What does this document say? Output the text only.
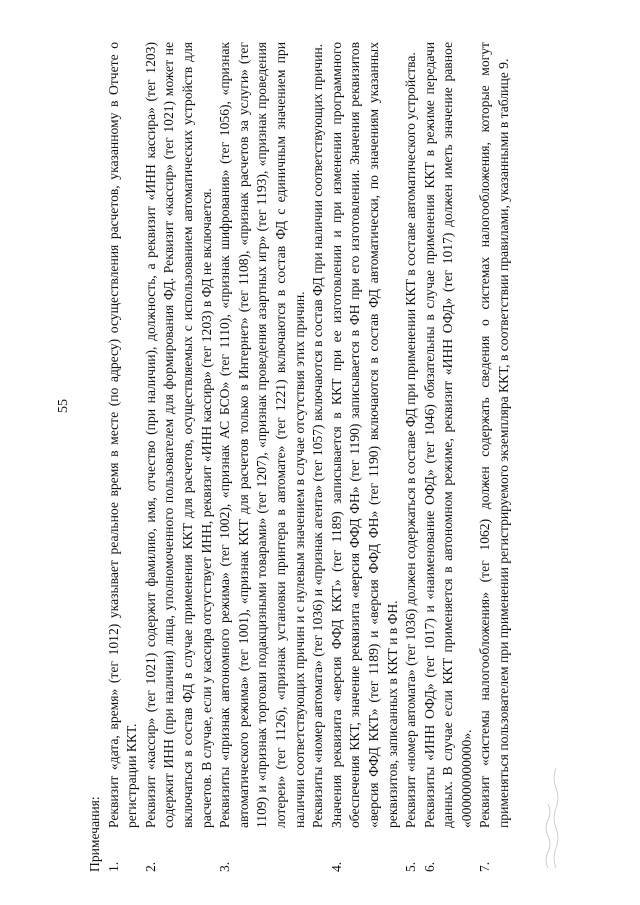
55

Примечания: 1.

Реквизит «дата, время» (тег 1012) указывает реальное время в месте (по адресу) осуществления расчетов, указанному в Отчете о регистрации ККТ.

2.

Реквизит «кассир» (тег 1021) содержит фамилию, имя, отчество (при наличии), должность, а реквизит «ИНН кассира» (тег 1203) содержит ИНН (при наличии) лица, уполномоченного пользователем для формирования ФД. Реквизит «кассир» (тег 1021) может не включаться в состав ФД в случае применения ККТ для расчетов, осуществляемых с использованием автоматических устройств для расчетов. В случае, если у кассира отсутствует ИНН, реквизит «ИНН кассира» (тег 1203) в ФД не включается.

3.

Реквизиты «признак автономного режима» (тег 1002), «признак АС БСО» (тег 1110), «признак шифрования» (тег 1056), «признак автоматического режима» (тег 1001), «признак ККТ для расчетов только в Интернет» (тег 1108), «признак расчетов за услуги» (тег 1109) и «признак торговли подакцизными товарами» (тег 1207), «признак проведения азартных игр» (тег 1193), «признак проведения лотереи» (тег 1126), «признак установки принтера в автомате» (тег 1221) включаются в состав ФД с единичным значением при наличии соответствующих причин и с нулевым значением в случае отсутствия этих причин. Реквизиты «номер автомата» (тег 1036) и «признак агента» (тег 1057) включаются в состав ФД при наличии соответствующих причин.

4.

Значения реквизита «версия ФФД ККТ» (тег 1189) записывается в ККТ при ее изготовлении и при изменении программного обеспечения ККТ, значение реквизита «версия ФФД ФН» (тег 1190) записывается в ФН при его изготовлении. Значения реквизитов «версия ФФД ККТ» (тег 1189) и «версия ФФД ФН» (тег 1190) включаются в состав ФД автоматически, по значениям указанных реквизитов, записанных в ККТ и в ФН.

5.

Реквизит «номер автомата» (тег 1036) должен содержаться в составе ФД при применении ККТ в составе автоматического устройства.

6.

Реквизиты «ИНН ОФД» (тег 1017) и «наименование ОФД» (тег 1046) обязательны в случае применения ККТ в режиме передачи данных. В случае если ККТ применяется в автономном режиме, реквизит «ИНН ОФД» (тег 1017) должен иметь значение равное «000000000000».

7.

Реквизит «системы налогообложения» (тег 1062) должен содержать сведения о системах налогообложения, которые могут применяться пользователем при применении регистрируемого экземпляра ККТ, в соответствии правилами, указанными в таблице 9.
